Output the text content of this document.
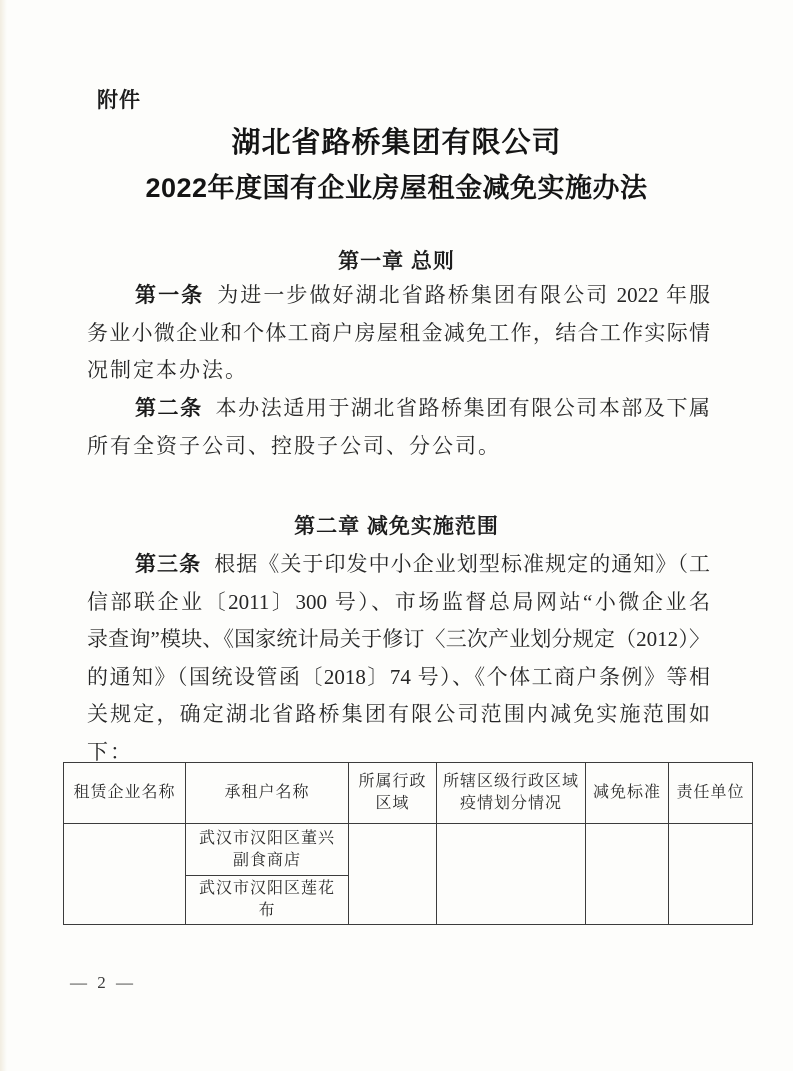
附件
湖北省路桥集团有限公司
2022年度国有企业房屋租金减免实施办法
第一章 总则
第一条 为进一步做好湖北省路桥集团有限公司 2022 年服
务业小微企业和个体工商户房屋租金减免工作，结合工作实际情
况制定本办法。
第二条 本办法适用于湖北省路桥集团有限公司本部及下属
所有全资子公司、控股子公司、分公司。
第二章 减免实施范围
第三条 根据《关于印发中小企业划型标准规定的通知》（工
信部联企业〔2011〕300 号）、市场监督总局网站“小微企业名
录查询”模块、《国家统计局关于修订〈三次产业划分规定（2012）〉
的通知》（国统设管函〔2018〕74 号）、《个体工商户条例》等相
关规定，确定湖北省路桥集团有限公司范围内减免实施范围如
下：
租赁企业名称	承租户名称	所属行政区域	所辖区级行政区域疫情划分情况	减免标准	责任单位
	武汉市汉阳区董兴副食商店				
	武汉市汉阳区莲花布				
— 2 —
